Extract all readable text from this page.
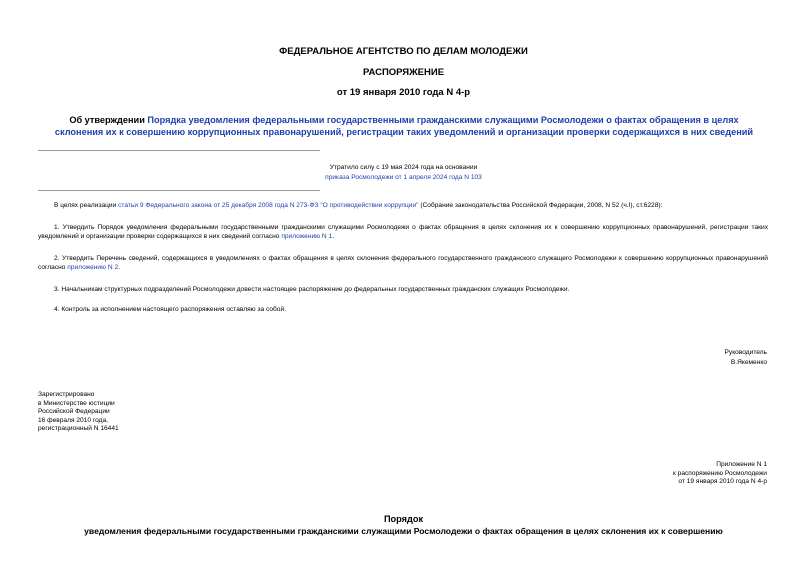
ФЕДЕРАЛЬНОЕ АГЕНТСТВО ПО ДЕЛАМ МОЛОДЕЖИ
РАСПОРЯЖЕНИЕ
от 19 января 2010 года N 4-р
Об утверждении Порядка уведомления федеральными государственными гражданскими служащими Росмолодежи о фактах обращения в целях склонения их к совершению коррупционных правонарушений, регистрации таких уведомлений и организации проверки содержащихся в них сведений
Утратило силу с 19 мая 2024 года на основании
приказа Росмолодежи от 1 апреля 2024 года N 103
В целях реализации статьи 9 Федерального закона от 25 декабря 2008 года N 273-ФЗ "О противодействии коррупции" (Собрание законодательства Российской Федерации, 2008, N 52 (ч.I), ст.6228):
1. Утвердить Порядок уведомления федеральными государственными гражданскими служащими Росмолодежи о фактах обращения в целях склонения их к совершению коррупционных правонарушений, регистрации таких уведомлений и организации проверки содержащихся в них сведений согласно приложению N 1.
2. Утвердить Перечень сведений, содержащихся в уведомлениях о фактах обращения в целях склонения федерального государственного гражданского служащего Росмолодежи к совершению коррупционных правонарушений согласно приложению N 2.
3. Начальникам структурных подразделений Росмолодежи довести настоящее распоряжение до федеральных государственных гражданских служащих Росмолодежи.
4. Контроль за исполнением настоящего распоряжения оставляю за собой.
Руководитель
В.Якеменко
Зарегистрировано
в Министерстве юстиции
Российской Федерации
16 февраля 2010 года,
регистрационный N 16441
Приложение N 1
к распоряжению Росмолодежи
от 19 января 2010 года N 4-р
Порядок
уведомления федеральными государственными гражданскими служащими Росмолодежи о фактах обращения в целях склонения их к совершению
